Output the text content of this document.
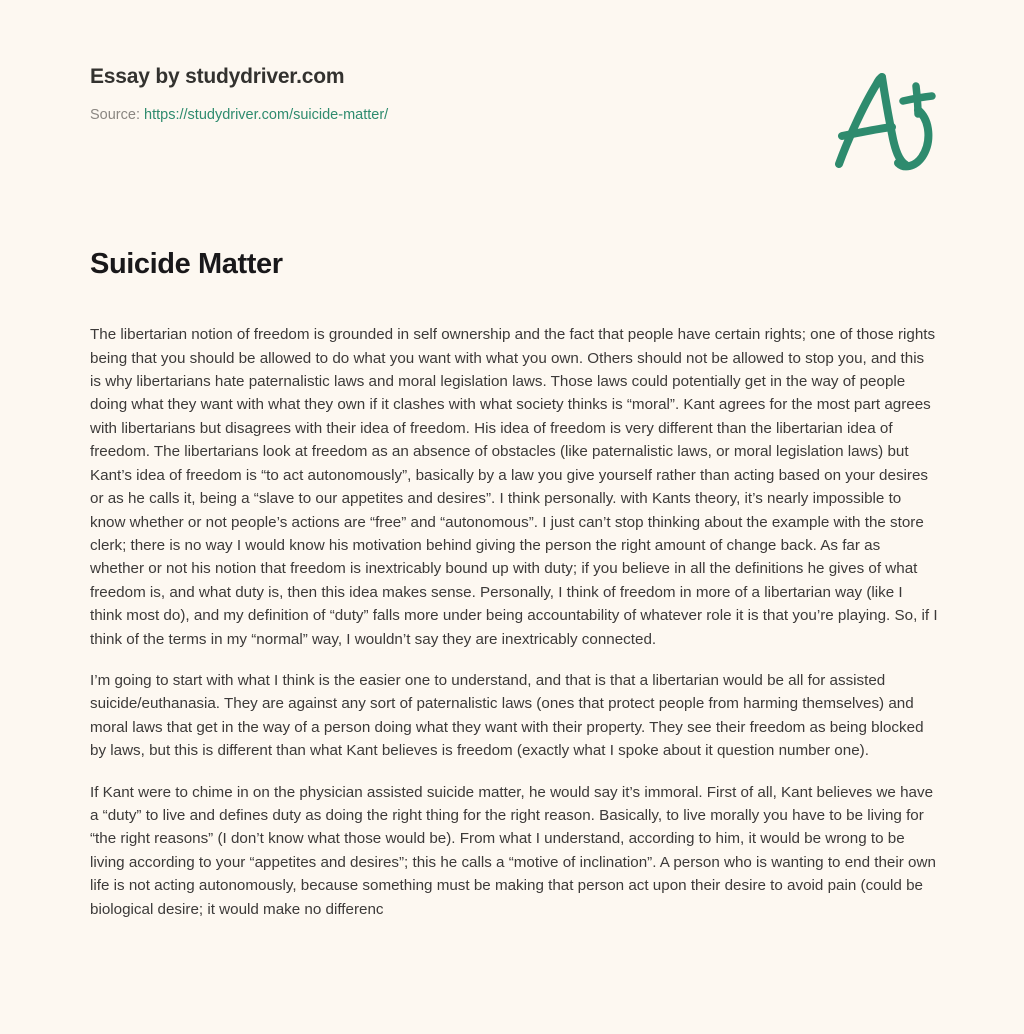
Essay by studydriver.com
Source: https://studydriver.com/suicide-matter/
Suicide Matter

The libertarian notion of freedom is grounded in self ownership and the fact that people have certain rights; one of those rights being that you should be allowed to do what you want with what you own. Others should not be allowed to stop you, and this is why libertarians hate paternalistic laws and moral legislation laws. Those laws could potentially get in the way of people doing what they want with what they own if it clashes with what society thinks is “moral”. Kant agrees for the most part agrees with libertarians but disagrees with their idea of freedom. His idea of freedom is very different than the libertarian idea of freedom. The libertarians look at freedom as an absence of obstacles (like paternalistic laws, or moral legislation laws) but Kant’s idea of freedom is “to act autonomously”, basically by a law you give yourself rather than acting based on your desires or as he calls it, being a “slave to our appetites and desires”. I think personally. with Kants theory, it’s nearly impossible to know whether or not people’s actions are “free” and “autonomous”. I just can’t stop thinking about the example with the store clerk; there is no way I would know his motivation behind giving the person the right amount of change back. As far as whether or not his notion that freedom is inextricably bound up with duty; if you believe in all the definitions he gives of what freedom is, and what duty is, then this idea makes sense. Personally, I think of freedom in more of a libertarian way (like I think most do), and my definition of “duty” falls more under being accountability of whatever role it is that you’re playing. So, if I think of the terms in my “normal” way, I wouldn’t say they are inextricably connected.

I’m going to start with what I think is the easier one to understand, and that is that a libertarian would be all for assisted suicide/euthanasia. They are against any sort of paternalistic laws (ones that protect people from harming themselves) and moral laws that get in the way of a person doing what they want with their property. They see their freedom as being blocked by laws, but this is different than what Kant believes is freedom (exactly what I spoke about it question number one).

If Kant were to chime in on the physician assisted suicide matter, he would say it’s immoral. First of all, Kant believes we have a “duty” to live and defines duty as doing the right thing for the right reason. Basically, to live morally you have to be living for “the right reasons” (I don’t know what those would be). From what I understand, according to him, it would be wrong to be living according to your “appetites and desires”; this he calls a “motive of inclination”. A person who is wanting to end their own life is not acting autonomously, because something must be making that person act upon their desire to avoid pain (could be biological desire; it would make no differenc
